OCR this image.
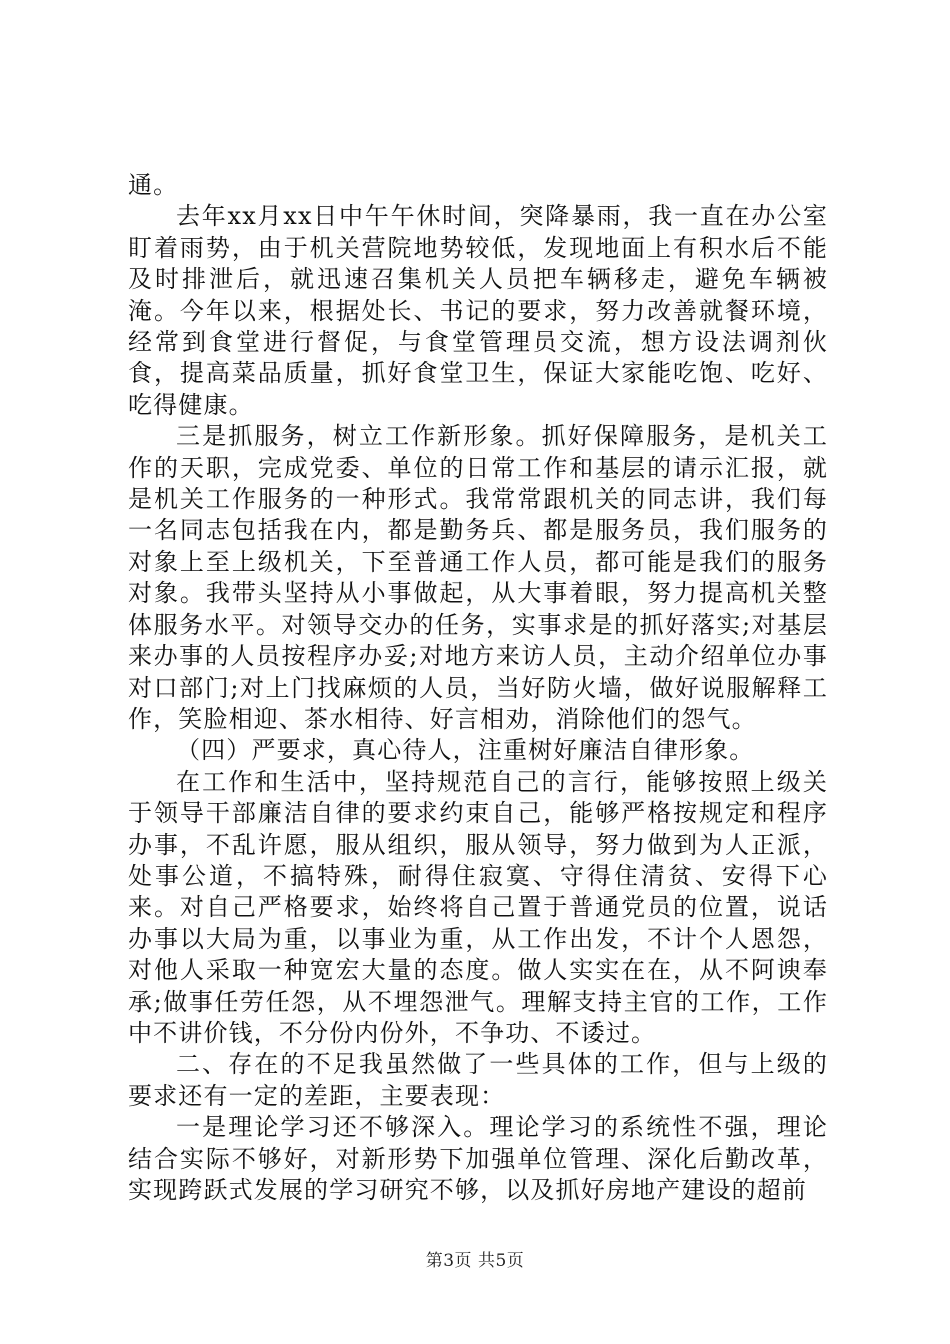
通。

去年xx月xx日中午午休时间，突降暴雨，我一直在办公室盯着雨势，由于机关营院地势较低，发现地面上有积水后不能及时排泄后，就迅速召集机关人员把车辆移走，避免车辆被淹。今年以来，根据处长、书记的要求，努力改善就餐环境，经常到食堂进行督促，与食堂管理员交流，想方设法调剂伙食，提高菜品质量，抓好食堂卫生，保证大家能吃饱、吃好、吃得健康。

三是抓服务，树立工作新形象。抓好保障服务，是机关工作的天职，完成党委、单位的日常工作和基层的请示汇报，就是机关工作服务的一种形式。我常常跟机关的同志讲，我们每一名同志包括我在内，都是勤务兵、都是服务员，我们服务的对象上至上级机关，下至普通工作人员，都可能是我们的服务对象。我带头坚持从小事做起，从大事着眼，努力提高机关整体服务水平。对领导交办的任务，实事求是的抓好落实;对基层来办事的人员按程序办妥;对地方来访人员，主动介绍单位办事对口部门;对上门找麻烦的人员，当好防火墙，做好说服解释工作，笑脸相迎、茶水相待、好言相劝，消除他们的怨气。

（四）严要求，真心待人，注重树好廉洁自律形象。

在工作和生活中，坚持规范自己的言行，能够按照上级关于领导干部廉洁自律的要求约束自己，能够严格按规定和程序办事，不乱许愿，服从组织，服从领导，努力做到为人正派，处事公道，不搞特殊，耐得住寂寞、守得住清贫、安得下心来。对自己严格要求，始终将自己置于普通党员的位置，说话办事以大局为重，以事业为重，从工作出发，不计个人恩怨，对他人采取一种宽宏大量的态度。做人实实在在，从不阿谀奉承;做事任劳任怨，从不埋怨泄气。理解支持主官的工作，工作中不讲价钱，不分份内份外，不争功、不诿过。

二、存在的不足我虽然做了一些具体的工作，但与上级的要求还有一定的差距，主要表现：

一是理论学习还不够深入。理论学习的系统性不强，理论结合实际不够好，对新形势下加强单位管理、深化后勤改革，实现跨跃式发展的学习研究不够，以及抓好房地产建设的超前

第3页 共5页
